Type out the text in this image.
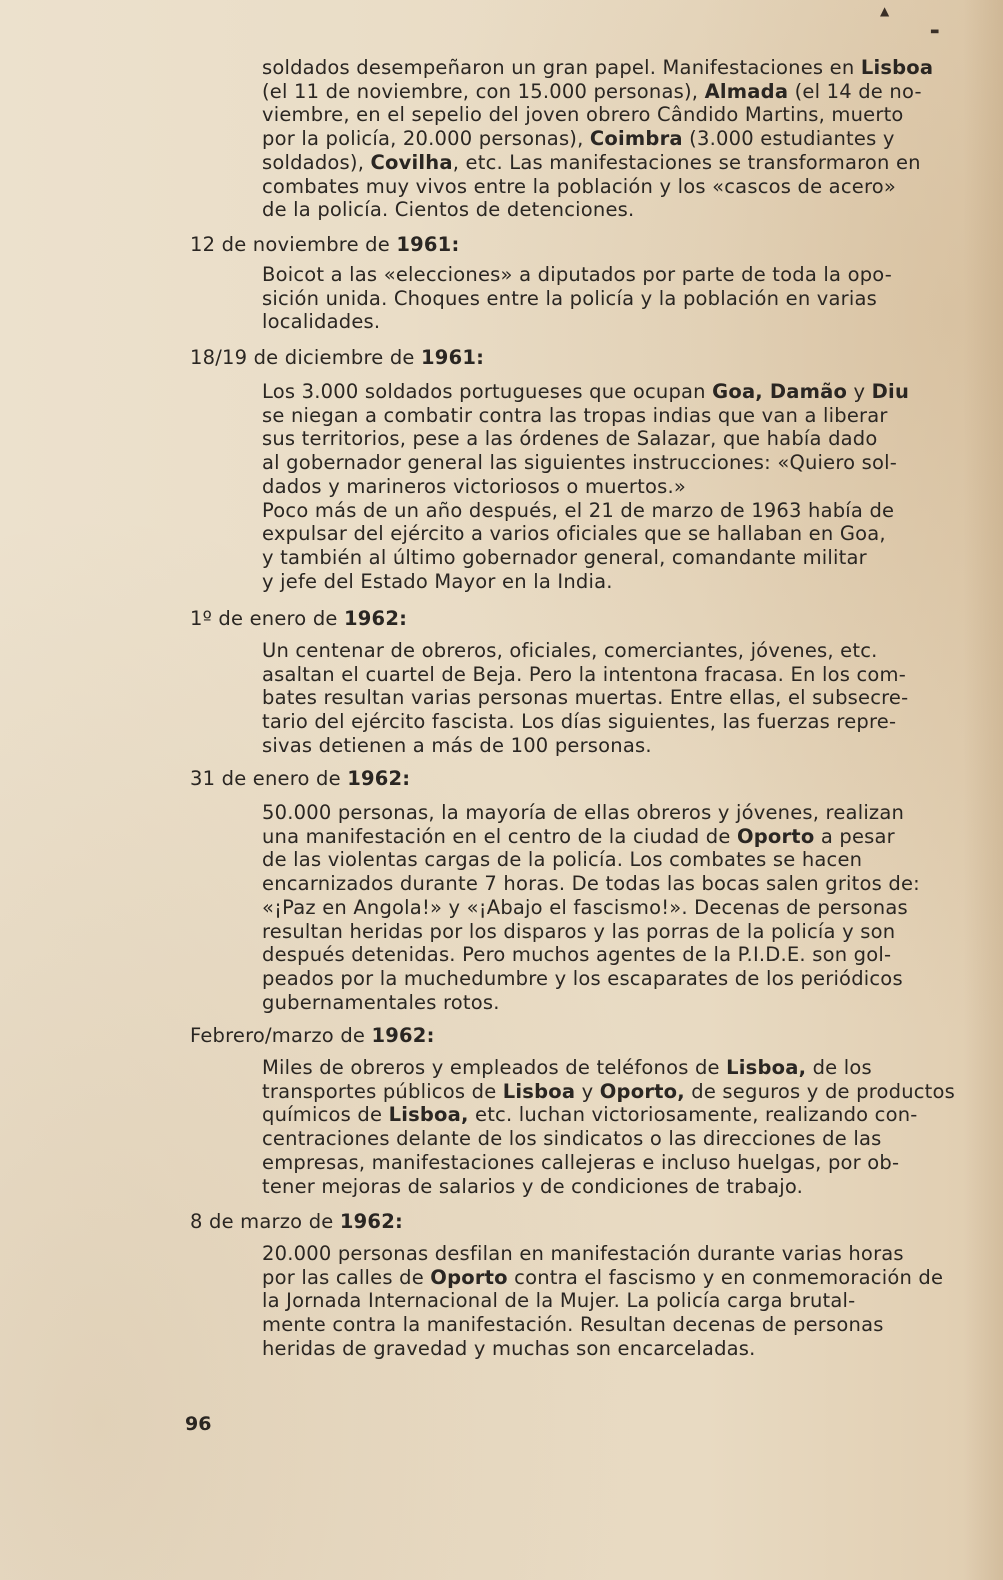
▲
▬
soldados desempeñaron un gran papel. Manifestaciones en Lisboa
(el 11 de noviembre, con 15.000 personas), Almada (el 14 de no-
viembre, en el sepelio del joven obrero Cândido Martins, muerto
por la policía, 20.000 personas), Coimbra (3.000 estudiantes y
soldados), Covilha, etc. Las manifestaciones se transformaron en
combates muy vivos entre la población y los «cascos de acero»
de la policía. Cientos de detenciones.
12 de noviembre de 1961:
Boicot a las «elecciones» a diputados por parte de toda la opo-
sición unida. Choques entre la policía y la población en varias
localidades.
18/19 de diciembre de 1961:
Los 3.000 soldados portugueses que ocupan Goa, Damão y Diu
se niegan a combatir contra las tropas indias que van a liberar
sus territorios, pese a las órdenes de Salazar, que había dado
al gobernador general las siguientes instrucciones: «Quiero sol-
dados y marineros victoriosos o muertos.»
Poco más de un año después, el 21 de marzo de 1963 había de
expulsar del ejército a varios oficiales que se hallaban en Goa,
y también al último gobernador general, comandante militar
y jefe del Estado Mayor en la India.
1º de enero de 1962:
Un centenar de obreros, oficiales, comerciantes, jóvenes, etc.
asaltan el cuartel de Beja. Pero la intentona fracasa. En los com-
bates resultan varias personas muertas. Entre ellas, el subsecre-
tario del ejército fascista. Los días siguientes, las fuerzas repre-
sivas detienen a más de 100 personas.
31 de enero de 1962:
50.000 personas, la mayoría de ellas obreros y jóvenes, realizan
una manifestación en el centro de la ciudad de Oporto a pesar
de las violentas cargas de la policía. Los combates se hacen
encarnizados durante 7 horas. De todas las bocas salen gritos de:
«¡Paz en Angola!» y «¡Abajo el fascismo!». Decenas de personas
resultan heridas por los disparos y las porras de la policía y son
después detenidas. Pero muchos agentes de la P.I.D.E. son gol-
peados por la muchedumbre y los escaparates de los periódicos
gubernamentales rotos.
Febrero/marzo de 1962:
Miles de obreros y empleados de teléfonos de Lisboa, de los
transportes públicos de Lisboa y Oporto, de seguros y de productos
químicos de Lisboa, etc. luchan victoriosamente, realizando con-
centraciones delante de los sindicatos o las direcciones de las
empresas, manifestaciones callejeras e incluso huelgas, por ob-
tener mejoras de salarios y de condiciones de trabajo.
8 de marzo de 1962:
20.000 personas desfilan en manifestación durante varias horas
por las calles de Oporto contra el fascismo y en conmemoración de
la Jornada Internacional de la Mujer. La policía carga brutal-
mente contra la manifestación. Resultan decenas de personas
heridas de gravedad y muchas son encarceladas.
96
